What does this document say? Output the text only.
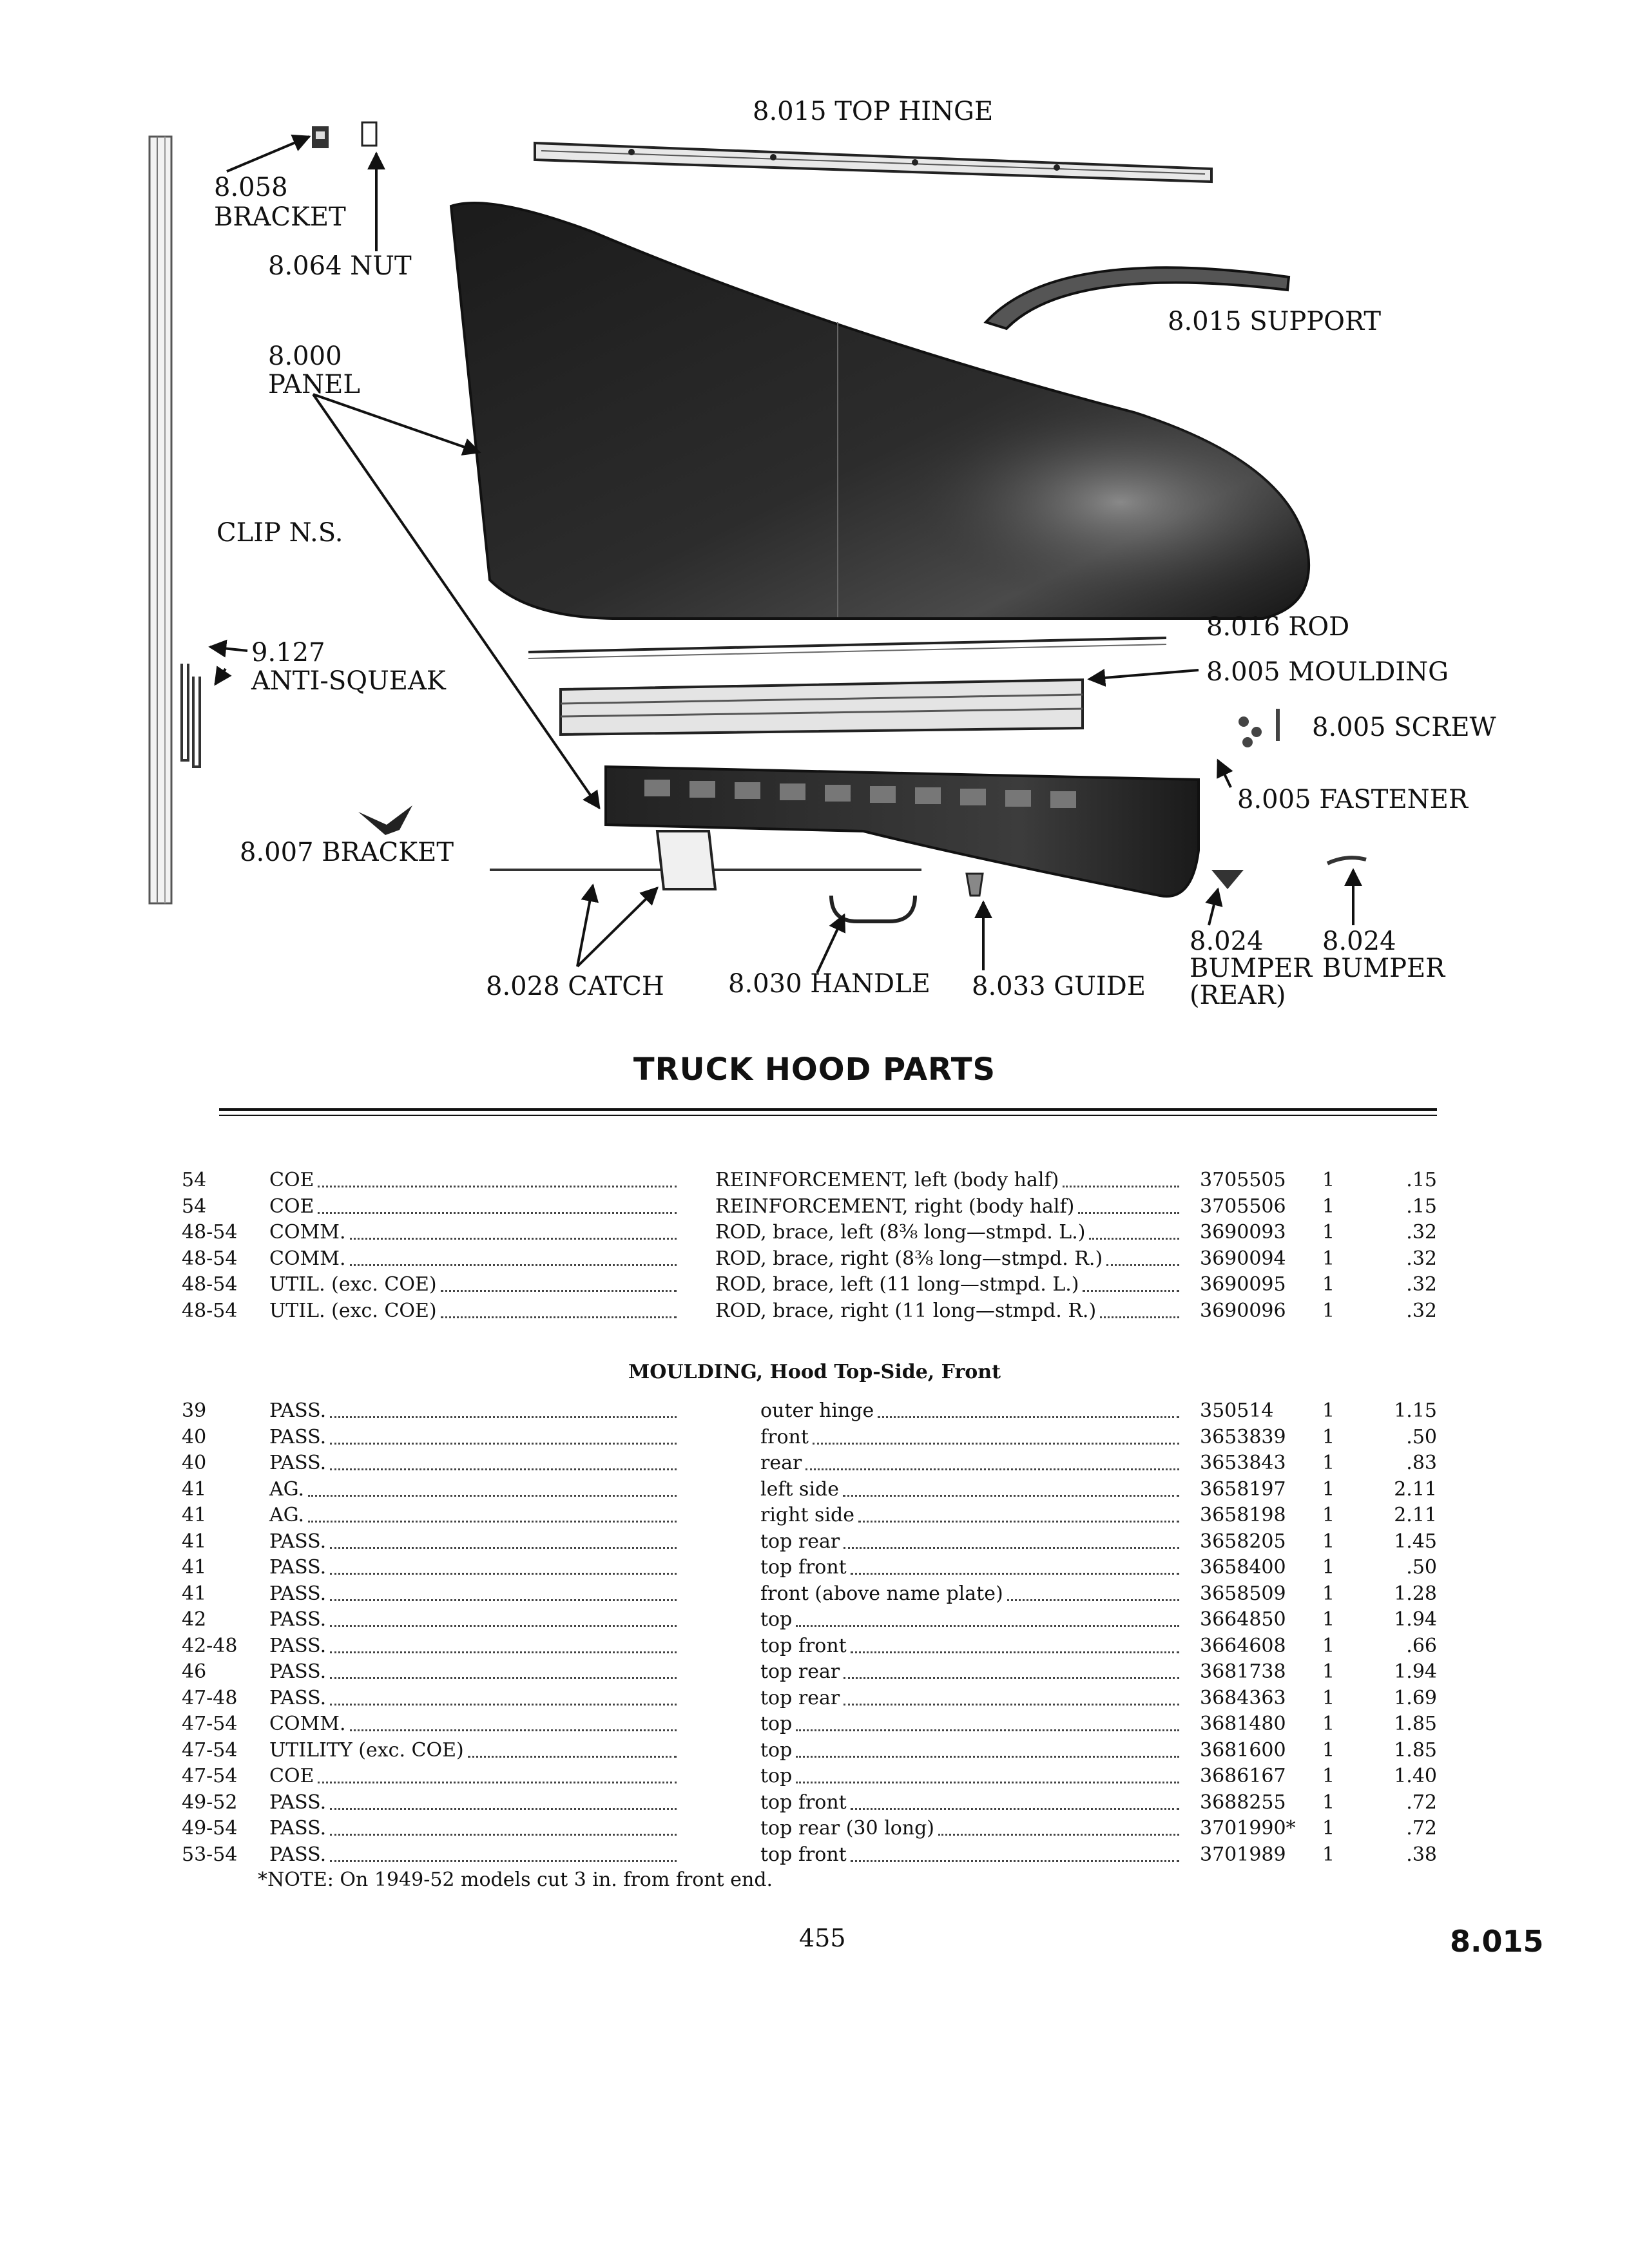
8.015 TOP HINGE
8.058
BRACKET
8.064 NUT
8.015 SUPPORT
8.000
PANEL
CLIP N.S.
8.016 ROD
9.127
ANTI-SQUEAK	8.005 MOULDING
8.005 SCREW
8.005 FASTENER
8.007 BRACKET
8.024
BUMPER
(REAR)
8.024
BUMPER
8.028 CATCH 8.030 HANDLE 8.033 GUIDE
TRUCK HOOD PARTS
54	COE	REINFORCEMENT, left (body half)	3705505 1	.15
54	COE	REINFORCEMENT, right (body half)	3705506 1	.15
48-54 COMM.	ROD, brace, left (8⅜ long—stmpd. L.)	3690093 1	.32
48-54 COMM.	ROD, brace, right (8⅜ long—stmpd. R.)	3690094 1	.32
48-54 UTIL. (exc. COE)	ROD, brace, left (11 long—stmpd. L.)	3690095 1	.32
48-54 UTIL. (exc. COE)	ROD, brace, right (11 long—stmpd. R.)	3690096 1	.32
MOULDING, Hood Top-Side, Front
39	PASS.	outer hinge	350514	1	1.15
40	PASS.	front	3653839 1	.50
40	PASS.	rear	3653843 1	.83
41	AG.	left side	3658197 1	2.11
41	AG.	right side	3658198 1	2.11
41	PASS.	top rear	3658205 1	1.45
41	PASS.	top front	3658400 1	.50
41	PASS.	front (above name plate)	3658509 1	1.28
42	PASS.	top	3664850 1	1.94
42-48 PASS.	top front	3664608 1	.66
46	PASS.	top rear	3681738 1	1.94
47-48 PASS.	top rear	3684363 1	1.69
47-54 COMM.	top	3681480 1	1.85
47-54 UTILITY (exc. COE)	top	3681600 1	1.85
47-54 COE	top	3686167 1	1.40
49-52 PASS.	top front	3688255 1	.72
49-54 PASS.	top rear (30 long)	3701990* 1	.72
53-54 PASS.	top front	3701989 1	.38
*NOTE: On 1949-52 models cut 3 in. from front end.
455	8.015
